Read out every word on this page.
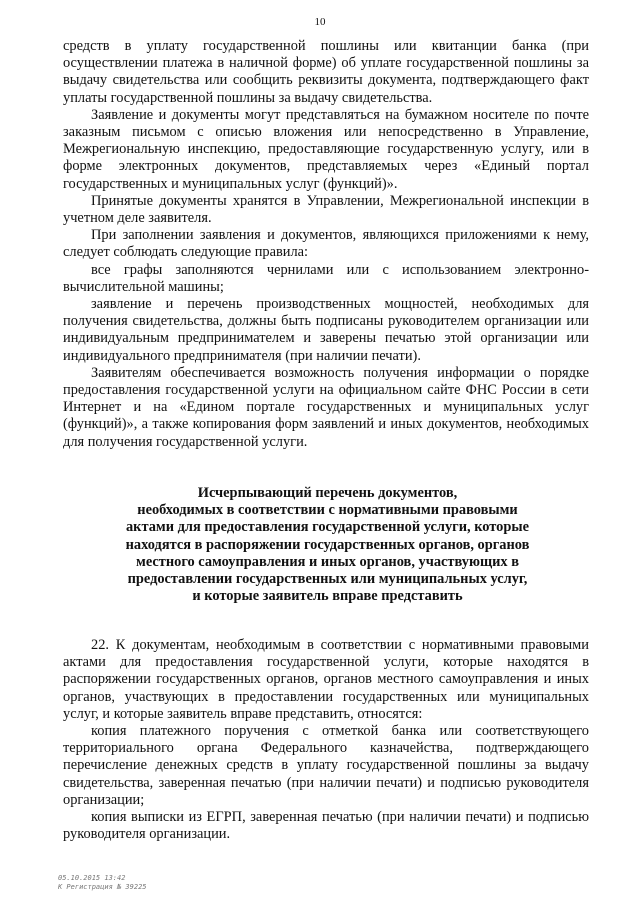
10

средств в уплату государственной пошлины или квитанции банка (при осуществлении платежа в наличной форме) об уплате государственной пошлины за выдачу свидетельства или сообщить реквизиты документа, подтверждающего факт уплаты государственной пошлины за выдачу свидетельства.

Заявление и документы могут представляться на бумажном носителе по почте заказным письмом с описью вложения или непосредственно в Управление, Межрегиональную инспекцию, предоставляющие государственную услугу, или в форме электронных документов, представляемых через «Единый портал государственных и муниципальных услуг (функций)».

Принятые документы хранятся в Управлении, Межрегиональной инспекции в учетном деле заявителя.

При заполнении заявления и документов, являющихся приложениями к нему, следует соблюдать следующие правила:

все графы заполняются чернилами или с использованием электронно-вычислительной машины;

заявление и перечень производственных мощностей, необходимых для получения свидетельства, должны быть подписаны руководителем организации или индивидуальным предпринимателем и заверены печатью этой организации или индивидуального предпринимателя (при наличии печати).

Заявителям обеспечивается возможность получения информации о порядке предоставления государственной услуги на официальном сайте ФНС России в сети Интернет и на «Едином портале государственных и муниципальных услуг (функций)», а также копирования форм заявлений и иных документов, необходимых для получения государственной услуги.

Исчерпывающий перечень документов,
необходимых в соответствии с нормативными правовыми
актами для предоставления государственной услуги, которые
находятся в распоряжении государственных органов, органов
местного самоуправления и иных органов, участвующих в
предоставлении государственных или муниципальных услуг,
и которые заявитель вправе представить

22. К документам, необходимым в соответствии с нормативными правовыми актами для предоставления государственной услуги, которые находятся в распоряжении государственных органов, органов местного самоуправления и иных органов, участвующих в предоставлении государственных или муниципальных услуг, и которые заявитель вправе представить, относятся:

копия платежного поручения с отметкой банка или соответствующего территориального органа Федерального казначейства, подтверждающего перечисление денежных средств в уплату государственной пошлины за выдачу свидетельства, заверенная печатью (при наличии печати) и подписью руководителя организации;

копия выписки из ЕГРП, заверенная печатью (при наличии печати) и подписью руководителя организации.

05.10.2015 13:42
К Регистрация № 39225
